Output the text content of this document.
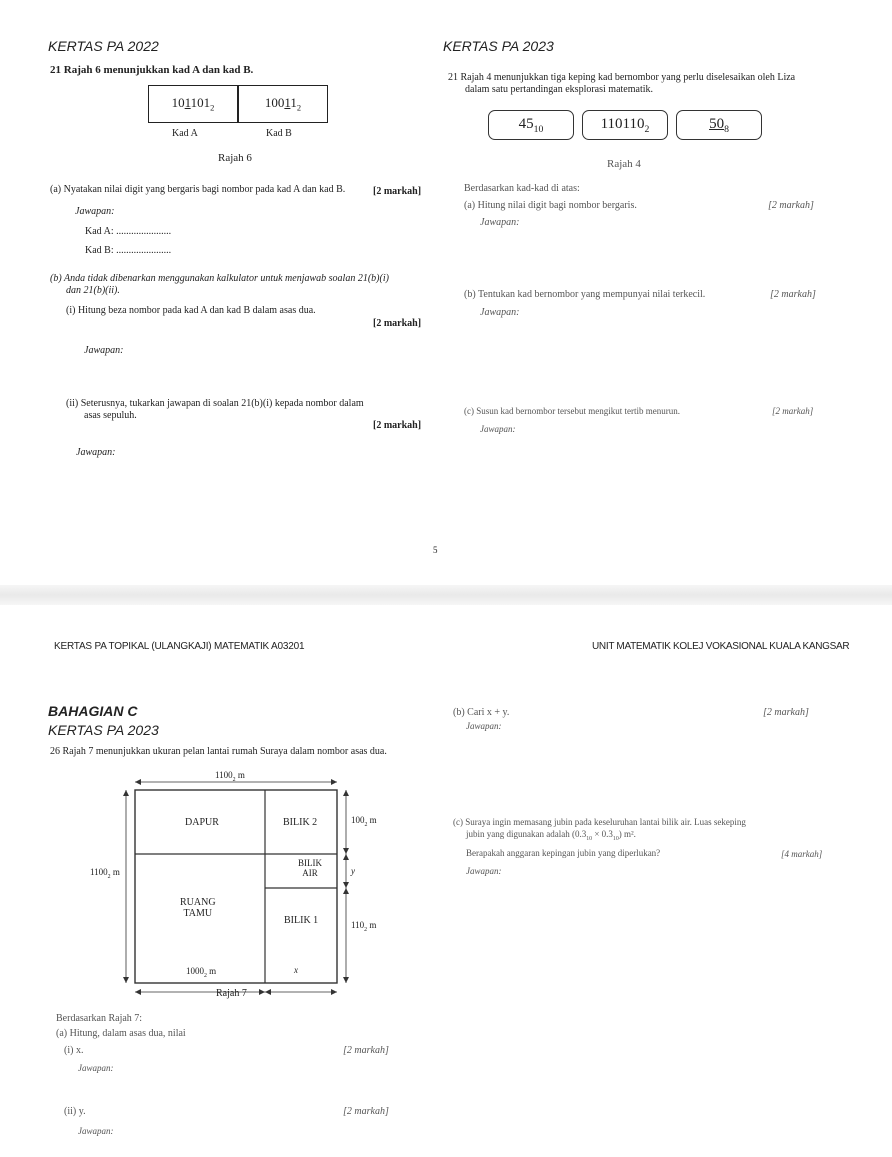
KERTAS PA 2022	KERTAS PA 2023
21 Rajah 6 menunjukkan kad A dan kad B.
$101101_2$	$10011_2$
Kad A	Kad B
Rajah 6
(a) Nyatakan nilai digit yang bergaris bagi nombor pada kad A dan kad B.	[2 markah]
Jawapan:
Kad A: ......................
Kad B: ......................
(b) Anda tidak dibenarkan menggunakan kalkulator untuk menjawab soalan 21(b)(i)
dan 21(b)(ii).
(i) Hitung beza nombor pada kad A dan kad B dalam asas dua.
[2 markah]
Jawapan:
(ii) Seterusnya, tukarkan jawapan di soalan 21(b)(i) kepada nombor dalam
asas sepuluh.
[2 markah]
Jawapan:
21 Rajah 4 menunjukkan tiga keping kad bernombor yang perlu diselesaikan oleh Liza
dalam satu pertandingan eksplorasi matematik.
$45_{10}$	$110110_2$	$50_8$
Rajah 4
Berdasarkan kad-kad di atas:
(a) Hitung nilai digit bagi nombor bergaris.	[2 markah]
Jawapan:
(b) Tentukan kad bernombor yang mempunyai nilai terkecil.	[2 markah]
Jawapan:
(c) Susun kad bernombor tersebut mengikut tertib menurun.	[2 markah]
Jawapan:
5
KERTAS PA TOPIKAL (ULANGKAJI) MATEMATIK A03201	UNIT MATEMATIK KOLEJ VOKASIONAL KUALA KANGSAR
BAHAGIAN C
KERTAS PA 2023
26 Rajah 7 menunjukkan ukuran pelan lantai rumah Suraya dalam nombor asas dua.
$1100_2$ m
$1100_2$ m
$100_2$ m
$110_2$ m
$1000_2$ m	x
y
DAPUR	BILIK 2
BILIK
AIR
RUANG
TAMU
BILIK 1
Rajah 7
Berdasarkan Rajah 7:
(a) Hitung, dalam asas dua, nilai
(i) x.	[2 markah]
Jawapan:
(ii) y.	[2 markah]
Jawapan:
(b) Cari x + y.	[2 markah]
Jawapan:
(c) Suraya ingin memasang jubin pada keseluruhan lantai bilik air. Luas sekeping
jubin yang digunakan adalah $(0.3_{10} \times 0.3_{10})$ m².
Berapakah anggaran kepingan jubin yang diperlukan?	[4 markah]
Jawapan:
